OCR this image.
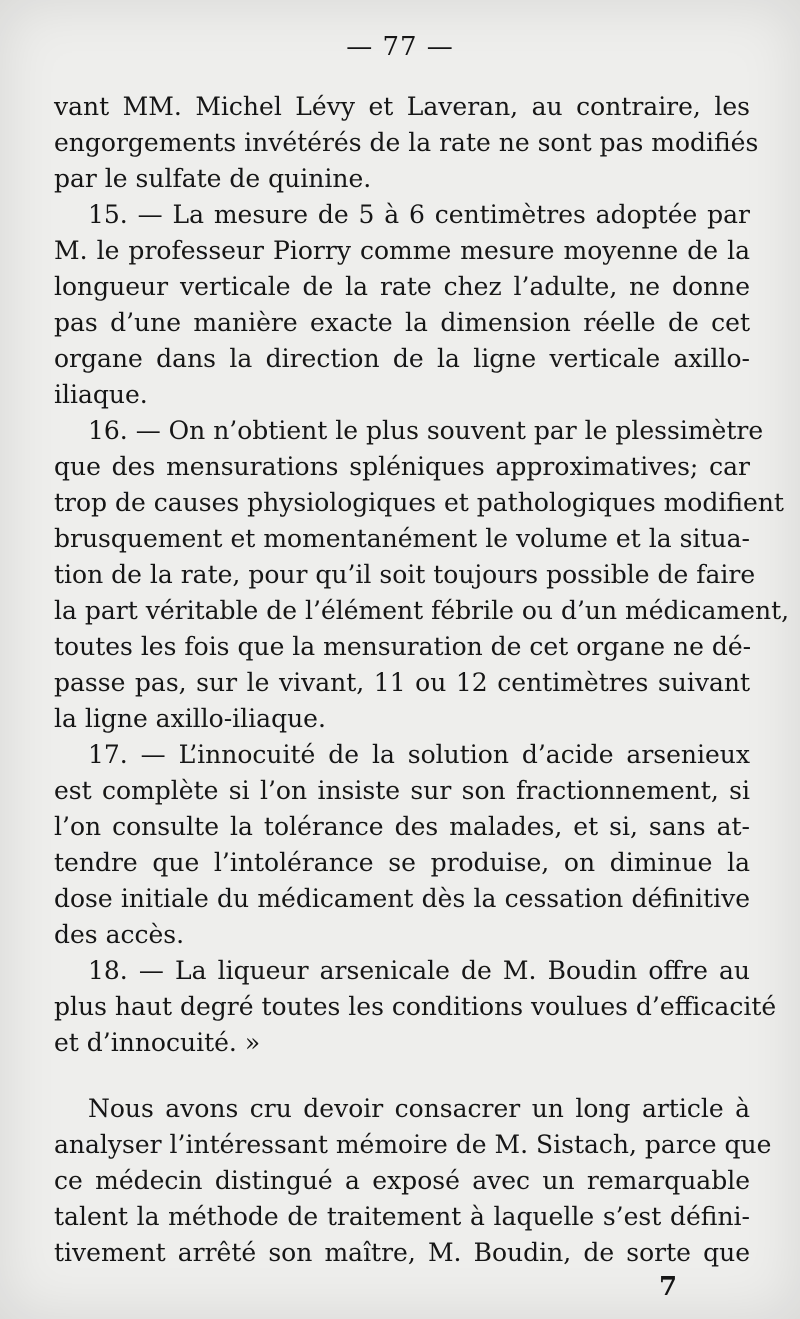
— 77 —
vant MM. Michel Lévy et Laveran, au contraire, les
engorgements invétérés de la rate ne sont pas modifiés
par le sulfate de quinine.
15. — La mesure de 5 à 6 centimètres adoptée par
M. le professeur Piorry comme mesure moyenne de la
longueur verticale de la rate chez l’adulte, ne donne
pas d’une manière exacte la dimension réelle de cet
organe dans la direction de la ligne verticale axillo-
iliaque.
16. — On n’obtient le plus souvent par le plessimètre
que des mensurations spléniques approximatives; car
trop de causes physiologiques et pathologiques modifient
brusquement et momentanément le volume et la situa-
tion de la rate, pour qu’il soit toujours possible de faire
la part véritable de l’élément fébrile ou d’un médicament,
toutes les fois que la mensuration de cet organe ne dé-
passe pas, sur le vivant, 11 ou 12 centimètres suivant
la ligne axillo-iliaque.
17. — L’innocuité de la solution d’acide arsenieux
est complète si l’on insiste sur son fractionnement, si
l’on consulte la tolérance des malades, et si, sans at-
tendre que l’intolérance se produise, on diminue la
dose initiale du médicament dès la cessation définitive
des accès.
18. — La liqueur arsenicale de M. Boudin offre au
plus haut degré toutes les conditions voulues d’efficacité
et d’innocuité. »
Nous avons cru devoir consacrer un long article à
analyser l’intéressant mémoire de M. Sistach, parce que
ce médecin distingué a exposé avec un remarquable
talent la méthode de traitement à laquelle s’est défini-
tivement arrêté son maître, M. Boudin, de sorte que
7
